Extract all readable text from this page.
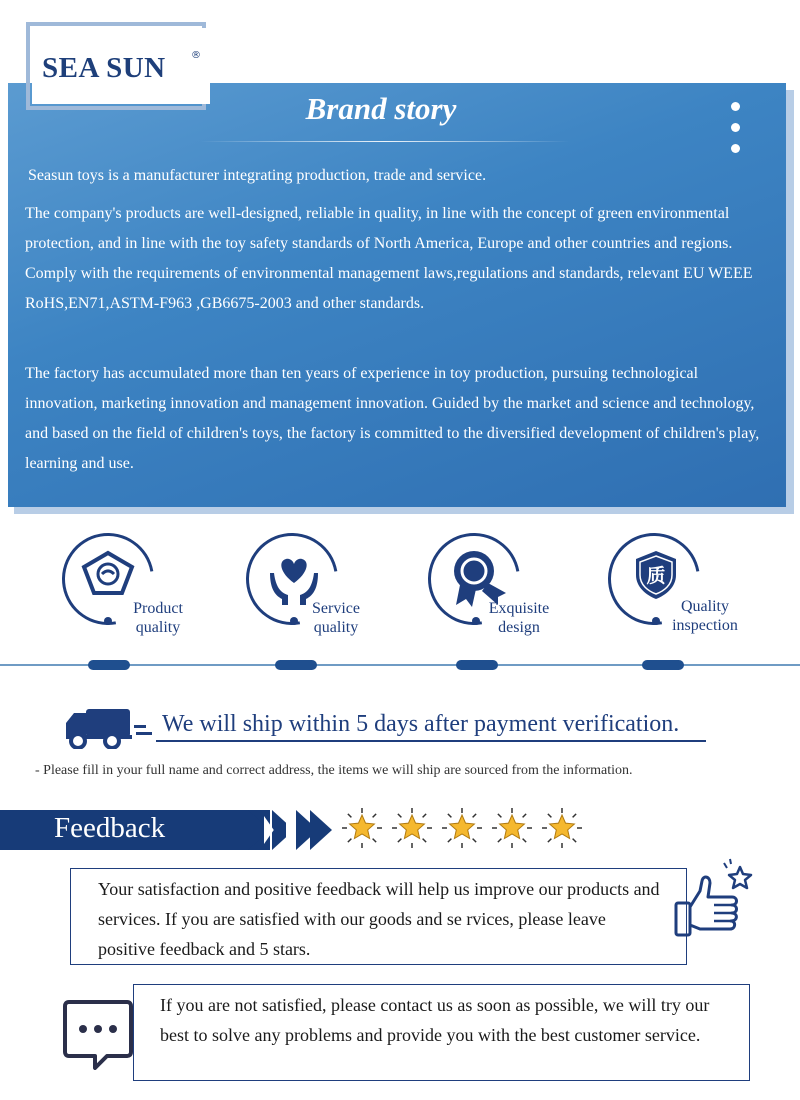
SEA SUN	®
Brand story

Seasun toys is a manufacturer integrating production, trade and service.

The company's products are well-designed, reliable in quality, in line with the concept of green environmental protection, and in line with the toy safety standards of North America, Europe and other countries and regions. Comply with the requirements of environmental management laws,regulations and standards, relevant EU WEEE RoHS,EN71,ASTM-F963 ,GB6675-2003 and other standards.

The factory has accumulated more than ten years of experience in toy production, pursuing technological innovation, marketing innovation and management innovation. Guided by the market and science and technology, and based on the field of children's toys, the factory is committed to the diversified development of children's play, learning and use.

Product
quality
Service
quality
Exquisite
design
质
Quality
inspection
We will ship within 5 days after payment verification.
- Please fill in your full name and correct address, the items we will ship are sourced from the information.
Feedback

Your satisfaction and positive feedback will help us improve our products and services. If you are satisfied with our goods and se rvices, please leave positive feedback and 5 stars.

If you are not satisfied, please contact us as soon as possible, we will try our best to solve any problems and provide you with the best customer service.
